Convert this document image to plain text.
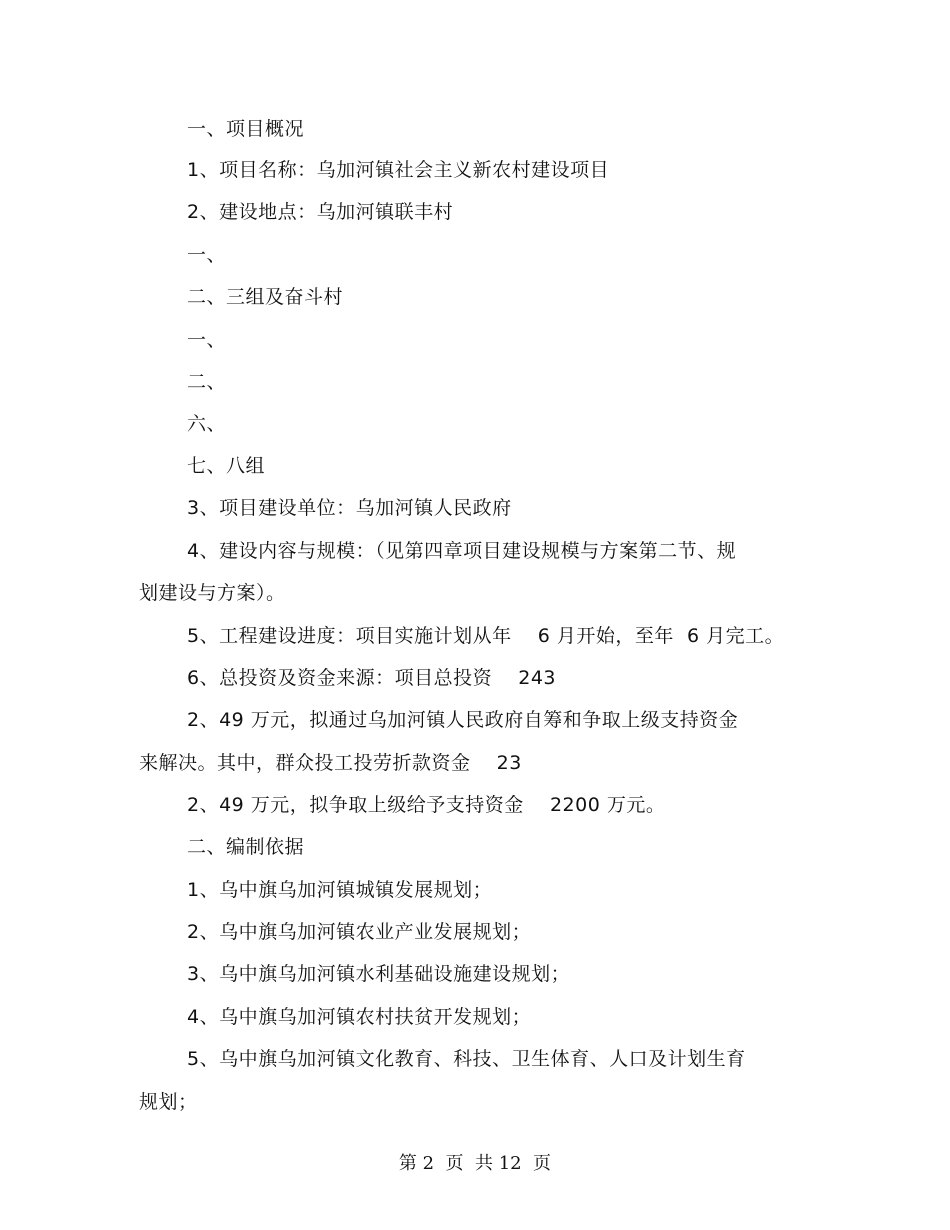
一、项目概况
1、项目名称：乌加河镇社会主义新农村建设项目
2、建设地点：乌加河镇联丰村
一、
二、三组及奋斗村
一、
二、
六、
七、八组
3、项目建设单位：乌加河镇人民政府
4、建设内容与规模：（见第四章项目建设规模与方案第二节、规
划建设与方案）。
5、工程建设进度：项目实施计划从年    6 月开始，至年  6 月完工。
6、总投资及资金来源：项目总投资    243
2、49 万元，拟通过乌加河镇人民政府自筹和争取上级支持资金
来解决。其中，群众投工投劳折款资金    23
2、49 万元，拟争取上级给予支持资金    2200 万元。
二、编制依据
1、乌中旗乌加河镇城镇发展规划；
2、乌中旗乌加河镇农业产业发展规划；
3、乌中旗乌加河镇水利基础设施建设规划；
4、乌中旗乌加河镇农村扶贫开发规划；
5、乌中旗乌加河镇文化教育、科技、卫生体育、人口及计划生育
规划；
第 2  页  共 12  页
